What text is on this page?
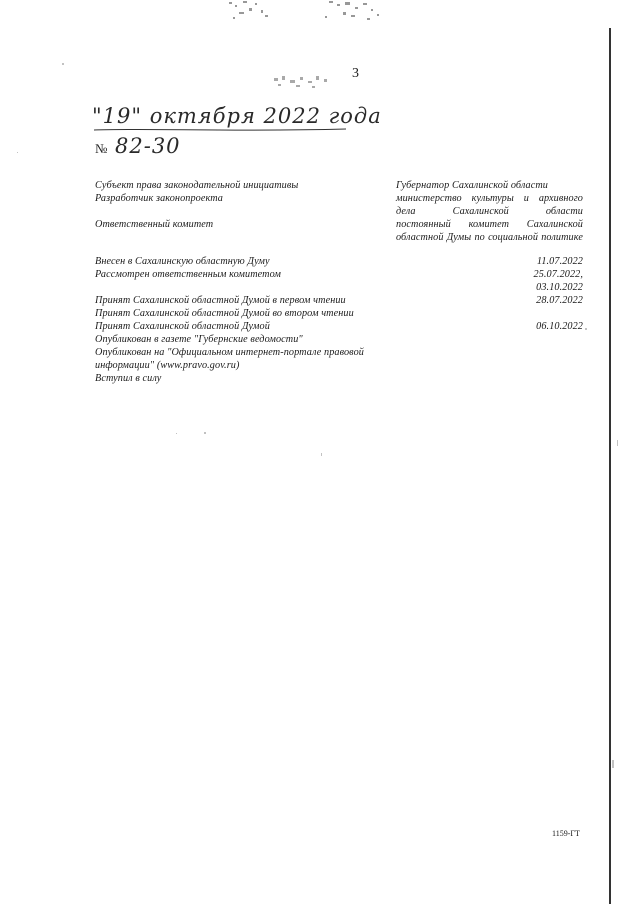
3
"19" октября 2022 года
№ 82-30
Субъект права законодательной инициативы	Губернатор Сахалинской области
Разработчик законопроекта	министерство культуры и архивного дела Сахалинской области
Ответственный комитет	постоянный комитет Сахалинской областной Думы по социальной политике
Внесен в Сахалинскую областную Думу	11.07.2022
Рассмотрен ответственным комитетом	25.07.2022,
03.10.2022
Принят Сахалинской областной Думой в первом чтении	28.07.2022
Принят Сахалинской областной Думой во втором чтении
Принят Сахалинской областной Думой	06.10.2022
Опубликован в газете "Губернские ведомости"
Опубликован на "Официальном интернет-портале правовой
информации" (www.pravo.gov.ru)
Вступил в силу
1159-ГТ
